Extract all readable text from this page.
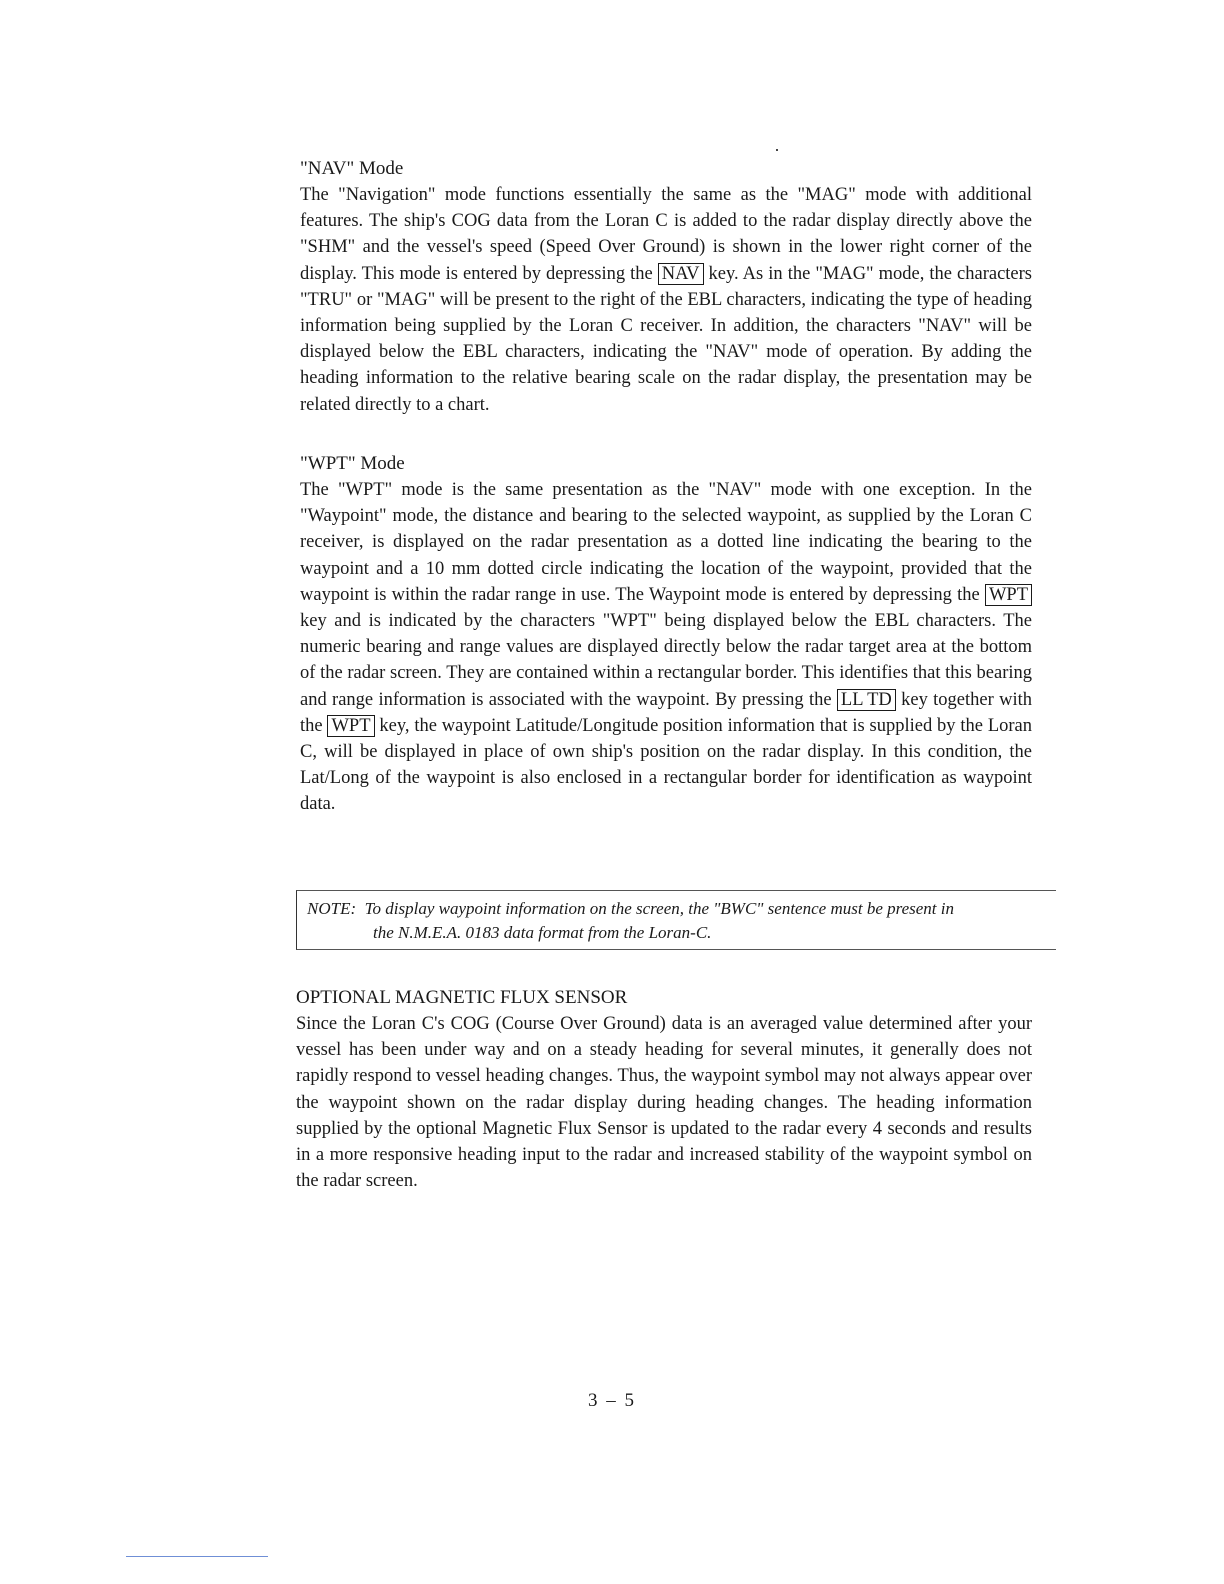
"NAV" Mode

The "Navigation" mode functions essentially the same as the "MAG" mode with additional features. The ship's COG data from the Loran C is added to the radar display directly above the "SHM" and the vessel's speed (Speed Over Ground) is shown in the lower right corner of the display. This mode is entered by depressing the NAV key. As in the "MAG" mode, the characters "TRU" or "MAG" will be present to the right of the EBL characters, indicating the type of heading information being supplied by the Loran C receiver. In addition, the characters "NAV" will be displayed below the EBL characters, indicating the "NAV" mode of operation. By adding the heading information to the relative bearing scale on the radar display, the presentation may be related directly to a chart.

"WPT" Mode

The "WPT" mode is the same presentation as the "NAV" mode with one exception. In the "Waypoint" mode, the distance and bearing to the selected waypoint, as supplied by the Loran C receiver, is displayed on the radar presentation as a dotted line indicating the bearing to the waypoint and a 10 mm dotted circle indicating the location of the waypoint, provided that the waypoint is within the radar range in use. The Waypoint mode is entered by depressing the WPT key and is indicated by the characters "WPT" being displayed below the EBL characters. The numeric bearing and range values are displayed directly below the radar target area at the bottom of the radar screen. They are contained within a rectangular border. This identifies that this bearing and range information is associated with the waypoint. By pressing the LL TD key together with the WPT key, the waypoint Latitude/Longitude position information that is supplied by the Loran C, will be displayed in place of own ship's position on the radar display. In this condition, the Lat/Long of the waypoint is also enclosed in a rectangular border for identification as waypoint data.

NOTE: To display waypoint information on the screen, the "BWC" sentence must be present in
the N.M.E.A. 0183 data format from the Loran-C.

OPTIONAL MAGNETIC FLUX SENSOR

Since the Loran C's COG (Course Over Ground) data is an averaged value determined after your vessel has been under way and on a steady heading for several minutes, it generally does not rapidly respond to vessel heading changes. Thus, the waypoint symbol may not always appear over the waypoint shown on the radar display during heading changes. The heading information supplied by the optional Magnetic Flux Sensor is updated to the radar every 4 seconds and results in a more responsive heading input to the radar and increased stability of the waypoint symbol on the radar screen.

3 – 5
